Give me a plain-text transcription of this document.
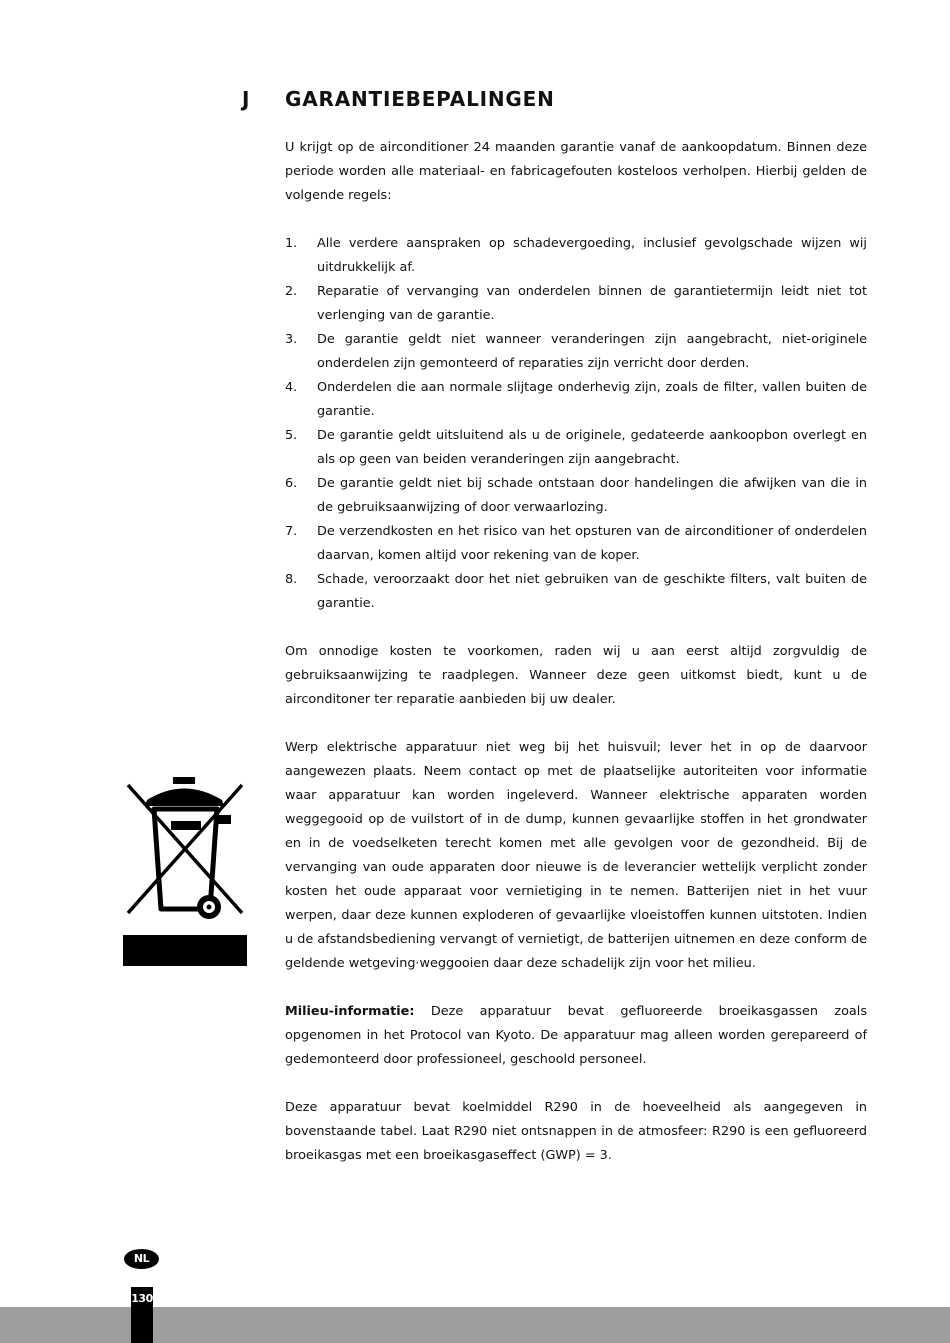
J GARANTIEBEPALINGEN

U krijgt op de airconditioner 24 maanden garantie vanaf de aankoopdatum. Binnen deze periode worden alle materiaal- en fabricagefouten kosteloos verholpen. Hierbij gelden de volgende regels:

1. Alle verdere aanspraken op schadevergoeding, inclusief gevolgschade wijzen wij uitdrukkelijk af.
2. Reparatie of vervanging van onderdelen binnen de garantietermijn leidt niet tot verlenging van de garantie.
3. De garantie geldt niet wanneer veranderingen zijn aangebracht, niet-originele onderdelen zijn gemonteerd of reparaties zijn verricht door derden.
4. Onderdelen die aan normale slijtage onderhevig zijn, zoals de filter, vallen buiten de garantie.
5. De garantie geldt uitsluitend als u de originele, gedateerde aankoopbon overlegt en als op geen van beiden veranderingen zijn aangebracht.
6. De garantie geldt niet bij schade ontstaan door handelingen die afwijken van die in de gebruiksaanwijzing of door verwaarlozing.
7. De verzendkosten en het risico van het opsturen van de airconditioner of onderdelen daarvan, komen altijd voor rekening van de koper.
8. Schade, veroorzaakt door het niet gebruiken van de geschikte filters, valt buiten de garantie.

Om onnodige kosten te voorkomen, raden wij u aan eerst altijd zorgvuldig de gebruiksaanwijzing te raadplegen. Wanneer deze geen uitkomst biedt, kunt u de airconditoner ter reparatie aanbieden bij uw dealer.

Werp elektrische apparatuur niet weg bij het huisvuil; lever het in op de daarvoor aangewezen plaats. Neem contact op met de plaatselijke autoriteiten voor informatie waar apparatuur kan worden ingeleverd. Wanneer elektrische apparaten worden weggegooid op de vuilstort of in de dump, kunnen gevaarlijke stoffen in het grondwater en in de voedselketen terecht komen met alle gevolgen voor de gezondheid. Bij de vervanging van oude apparaten door nieuwe is de leverancier wettelijk verplicht zonder kosten het oude apparaat voor vernietiging in te nemen. Batterijen niet in het vuur werpen, daar deze kunnen exploderen of gevaarlijke vloeistoffen kunnen uitstoten. Indien u de afstandsbediening vervangt of vernietigt, de batterijen uitnemen en deze conform de geldende wetgeving·weggooien daar deze schadelijk zijn voor het milieu.

Milieu-informatie: Deze apparatuur bevat gefluoreerde broeikasgassen zoals opgenomen in het Protocol van Kyoto. De apparatuur mag alleen worden gerepareerd of gedemonteerd door professioneel, geschoold personeel.

Deze apparatuur bevat koelmiddel R290 in de hoeveelheid als aangegeven in bovenstaande tabel. Laat R290 niet ontsnappen in de atmosfeer: R290 is een gefluoreerd broeikasgas met een broeikasgaseffect (GWP) = 3.

NL
130
